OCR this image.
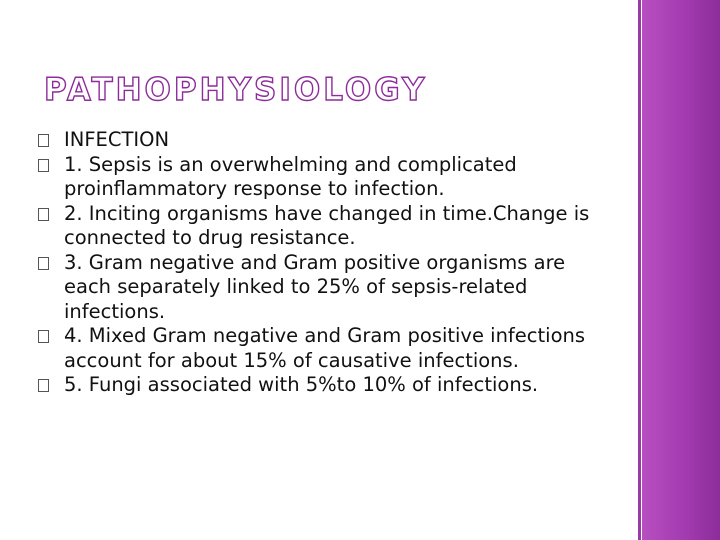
PATHOPHYSIOLOGY
INFECTION
1. Sepsis is an overwhelming and complicated proinflammatory response to infection.
2. Inciting organisms have changed in time.Change is connected to drug resistance.
3. Gram negative and Gram positive organisms are each separately linked to 25% of sepsis-related infections.
4. Mixed Gram negative and Gram positive infections account for about 15% of causative infections.
5. Fungi associated with 5%to 10% of infections.
